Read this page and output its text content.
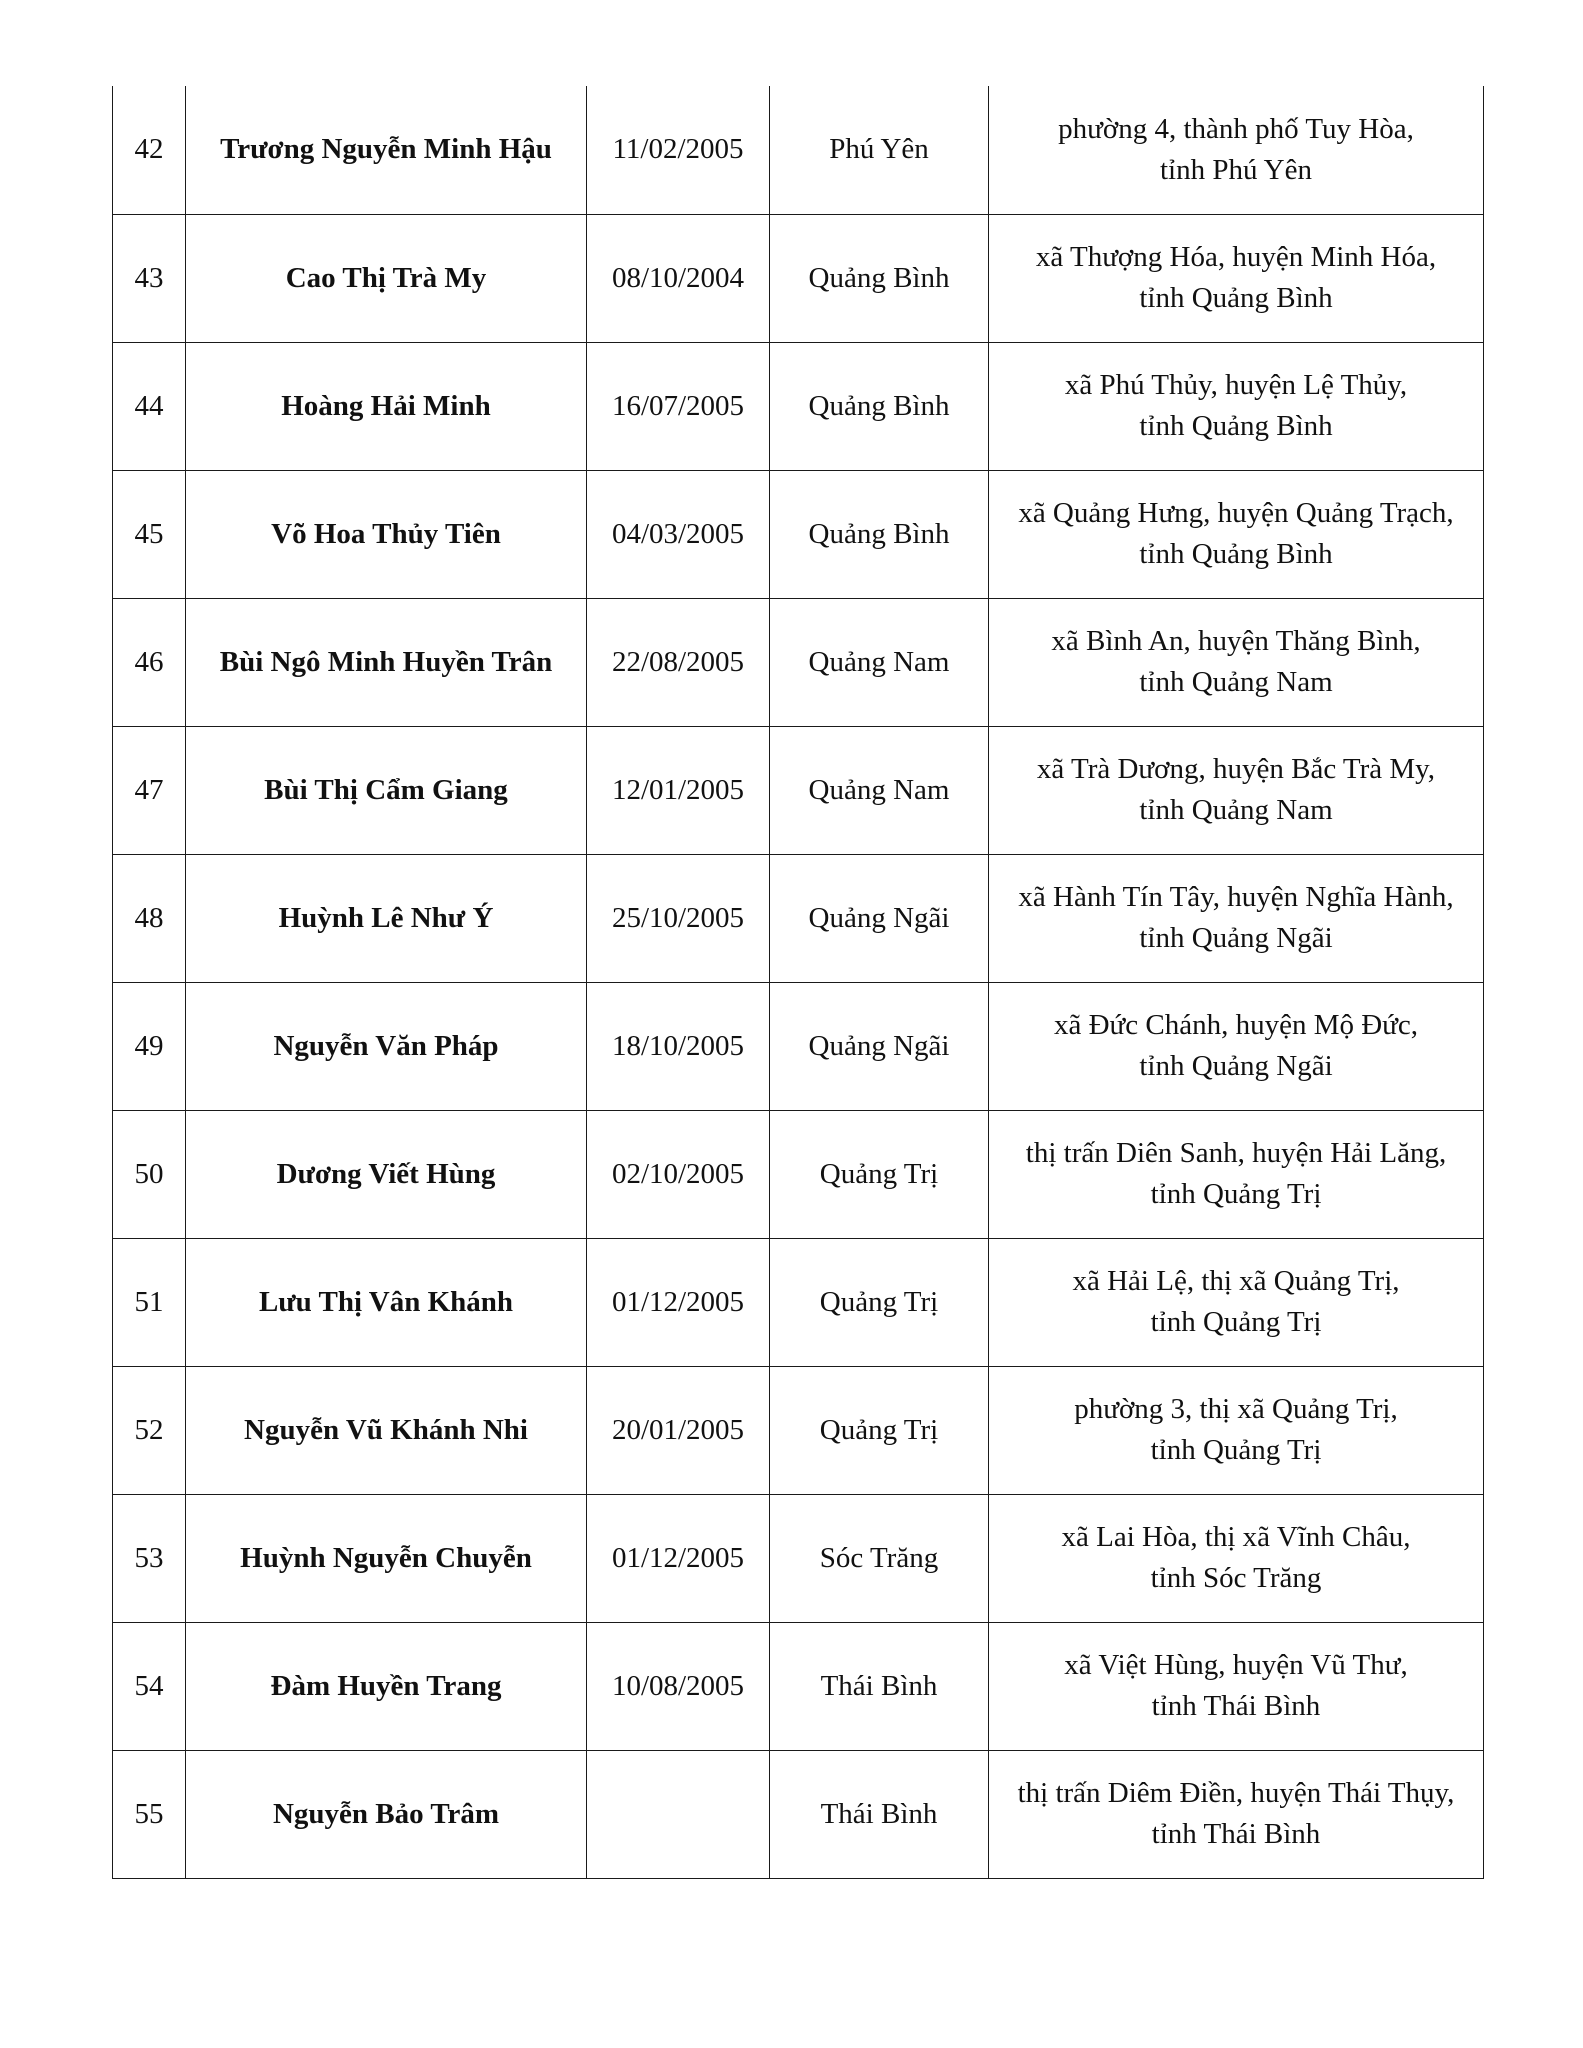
42	Trương Nguyễn Minh Hậu	11/02/2005	Phú Yên	phường 4, thành phố Tuy Hòa,
tỉnh Phú Yên

43	Cao Thị Trà My	08/10/2004	Quảng Bình	xã Thượng Hóa, huyện Minh Hóa,
tỉnh Quảng Bình

44	Hoàng Hải Minh	16/07/2005	Quảng Bình	xã Phú Thủy, huyện Lệ Thủy,
tỉnh Quảng Bình

45	Võ Hoa Thủy Tiên	04/03/2005	Quảng Bình	xã Quảng Hưng, huyện Quảng Trạch,
tỉnh Quảng Bình

46	Bùi Ngô Minh Huyền Trân	22/08/2005	Quảng Nam	xã Bình An, huyện Thăng Bình,
tỉnh Quảng Nam

47	Bùi Thị Cẩm Giang	12/01/2005	Quảng Nam	xã Trà Dương, huyện Bắc Trà My,
tỉnh Quảng Nam

48	Huỳnh Lê Như Ý	25/10/2005	Quảng Ngãi	xã Hành Tín Tây, huyện Nghĩa Hành,
tỉnh Quảng Ngãi

49	Nguyễn Văn Pháp	18/10/2005	Quảng Ngãi	xã Đức Chánh, huyện Mộ Đức,
tỉnh Quảng Ngãi

50	Dương Viết Hùng	02/10/2005	Quảng Trị	thị trấn Diên Sanh, huyện Hải Lăng,
tỉnh Quảng Trị

51	Lưu Thị Vân Khánh	01/12/2005	Quảng Trị	xã Hải Lệ, thị xã Quảng Trị,
tỉnh Quảng Trị

52	Nguyễn Vũ Khánh Nhi	20/01/2005	Quảng Trị	phường 3, thị xã Quảng Trị,
tỉnh Quảng Trị

53	Huỳnh Nguyễn Chuyễn	01/12/2005	Sóc Trăng	xã Lai Hòa, thị xã Vĩnh Châu,
tỉnh Sóc Trăng

54	Đàm Huyền Trang	10/08/2005	Thái Bình	xã Việt Hùng, huyện Vũ Thư,
tỉnh Thái Bình

55	Nguyễn Bảo Trâm		Thái Bình	thị trấn Diêm Điền, huyện Thái Thụy,
tỉnh Thái Bình
